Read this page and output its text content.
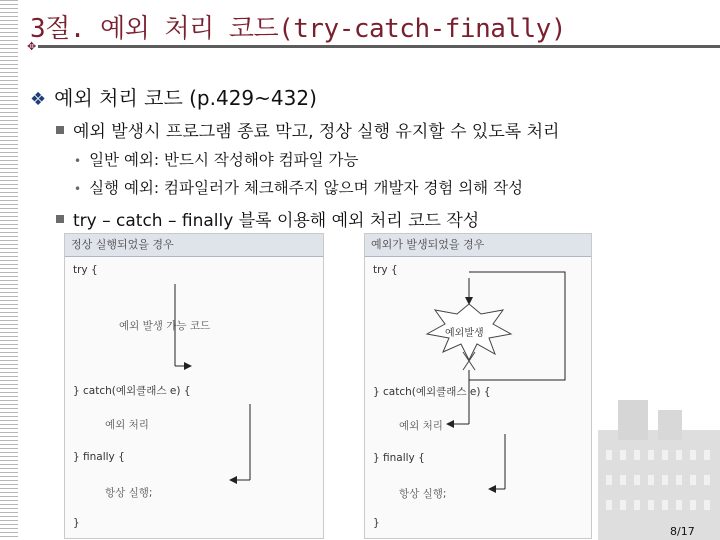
3절. 예외 처리 코드(try-catch-finally)
✥
❖ 예외 처리 코드 (p.429~432)
예외 발생시 프로그램 종료 막고, 정상 실행 유지할 수 있도록 처리
• 일반 예외: 반드시 작성해야 컴파일 가능
• 실행 예외: 컴파일러가 체크해주지 않으며 개발자 경험 의해 작성
try – catch – finally 블록 이용해 예외 처리 코드 작성
정상 실행되었을 경우
try {
예외 발생 가능 코드
} catch(예외클래스 e) {
예외 처리
} finally {
항상 실행;
}
예외가 발생되었을 경우
try {
예외발생
} catch(예외클래스 e) {
예외 처리
} finally {
항상 실행;
}
8/17
